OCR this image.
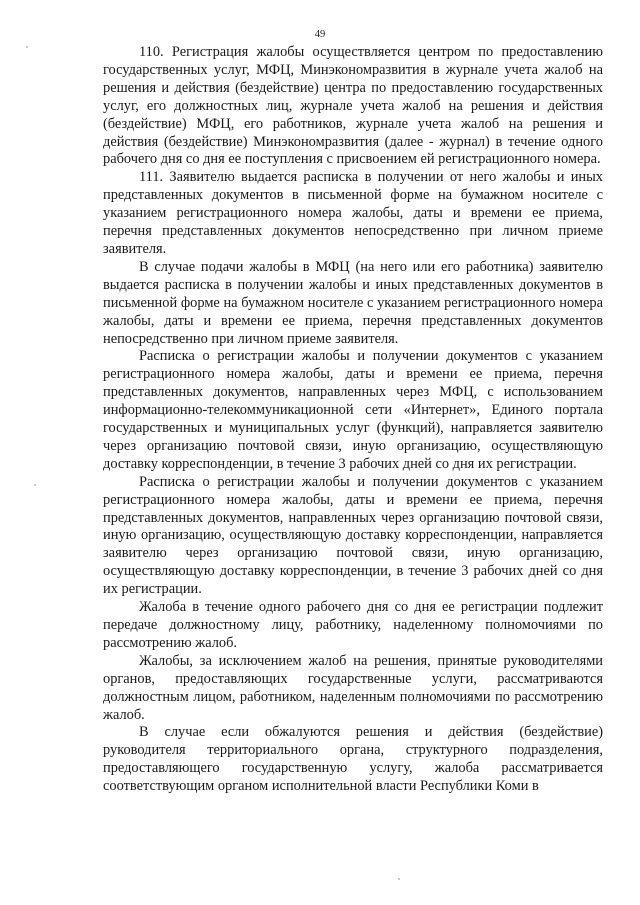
49

110. Регистрация жалобы осуществляется центром по предоставлению государственных услуг, МФЦ, Минэкономразвития в журнале учета жалоб на решения и действия (бездействие) центра по предоставлению государственных услуг, его должностных лиц, журнале учета жалоб на решения и действия (бездействие) МФЦ, его работников, журнале учета жалоб на решения и действия (бездействие) Минэкономразвития (далее - журнал) в течение одного рабочего дня со дня ее поступления с присвоением ей регистрационного номера.

111. Заявителю выдается расписка в получении от него жалобы и иных представленных документов в письменной форме на бумажном носителе с указанием регистрационного номера жалобы, даты и времени ее приема, перечня представленных документов непосредственно при личном приеме заявителя.

В случае подачи жалобы в МФЦ (на него или его работника) заявителю выдается расписка в получении жалобы и иных представленных документов в письменной форме на бумажном носителе с указанием регистрационного номера жалобы, даты и времени ее приема, перечня представленных документов непосредственно при личном приеме заявителя.

Расписка о регистрации жалобы и получении документов с указанием регистрационного номера жалобы, даты и времени ее приема, перечня представленных документов, направленных через МФЦ, с использованием информационно-телекоммуникационной сети «Интернет», Единого портала государственных и муниципальных услуг (функций), направляется заявителю через организацию почтовой связи, иную организацию, осуществляющую доставку корреспонденции, в течение 3 рабочих дней со дня их регистрации.

Расписка о регистрации жалобы и получении документов с указанием регистрационного номера жалобы, даты и времени ее приема, перечня представленных документов, направленных через организацию почтовой связи, иную организацию, осуществляющую доставку корреспонденции, направляется заявителю через организацию почтовой связи, иную организацию, осуществляющую доставку корреспонденции, в течение 3 рабочих дней со дня их регистрации.

Жалоба в течение одного рабочего дня со дня ее регистрации подлежит передаче должностному лицу, работнику, наделенному полномочиями по рассмотрению жалоб.

Жалобы, за исключением жалоб на решения, принятые руководителями органов, предоставляющих государственные услуги, рассматриваются должностным лицом, работником, наделенным полномочиями по рассмотрению жалоб.

В случае если обжалуются решения и действия (бездействие) руководителя территориального органа, структурного подразделения, предоставляющего государственную услугу, жалоба рассматривается соответствующим органом исполнительной власти Республики Коми в
